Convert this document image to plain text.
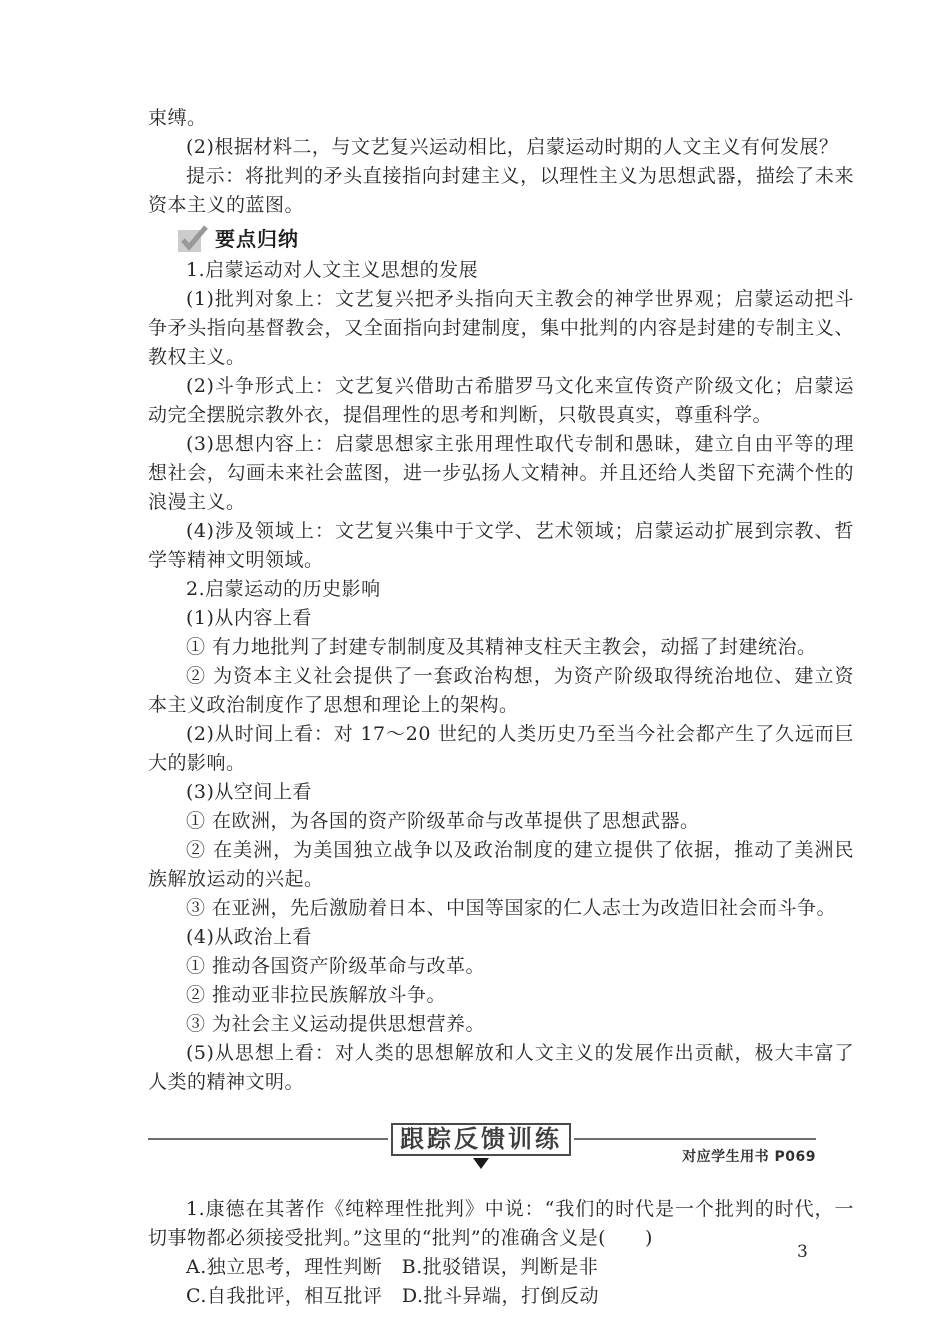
束缚。

(2)根据材料二，与文艺复兴运动相比，启蒙运动时期的人文主义有何发展？

提示：将批判的矛头直接指向封建主义，以理性主义为思想武器，描绘了未来资本主义的蓝图。

要点归纳

1.启蒙运动对人文主义思想的发展

(1)批判对象上：文艺复兴把矛头指向天主教会的神学世界观；启蒙运动把斗争矛头指向基督教会，又全面指向封建制度，集中批判的内容是封建的专制主义、教权主义。

(2)斗争形式上：文艺复兴借助古希腊罗马文化来宣传资产阶级文化；启蒙运动完全摆脱宗教外衣，提倡理性的思考和判断，只敬畏真实，尊重科学。

(3)思想内容上：启蒙思想家主张用理性取代专制和愚昧，建立自由平等的理想社会，勾画未来社会蓝图，进一步弘扬人文精神。并且还给人类留下充满个性的浪漫主义。

(4)涉及领域上：文艺复兴集中于文学、艺术领域；启蒙运动扩展到宗教、哲学等精神文明领域。

2.启蒙运动的历史影响

(1)从内容上看

① 有力地批判了封建专制制度及其精神支柱天主教会，动摇了封建统治。

② 为资本主义社会提供了一套政治构想，为资产阶级取得统治地位、建立资本主义政治制度作了思想和理论上的架构。

(2)从时间上看：对 17～20 世纪的人类历史乃至当今社会都产生了久远而巨大的影响。

(3)从空间上看

① 在欧洲，为各国的资产阶级革命与改革提供了思想武器。

② 在美洲，为美国独立战争以及政治制度的建立提供了依据，推动了美洲民族解放运动的兴起。

③ 在亚洲，先后激励着日本、中国等国家的仁人志士为改造旧社会而斗争。

(4)从政治上看

① 推动各国资产阶级革命与改革。

② 推动亚非拉民族解放斗争。

③ 为社会主义运动提供思想营养。

(5)从思想上看：对人类的思想解放和人文主义的发展作出贡献，极大丰富了人类的精神文明。

跟踪反馈训练
对应学生用书 P069

1.康德在其著作《纯粹理性批判》中说：“我们的时代是一个批判的时代，一切事物都必须接受批判。”这里的“批判”的准确含义是(　　)

A.独立思考，理性判断　B.批驳错误，判断是非

C.自我批评，相互批评　D.批斗异端，打倒反动

3
